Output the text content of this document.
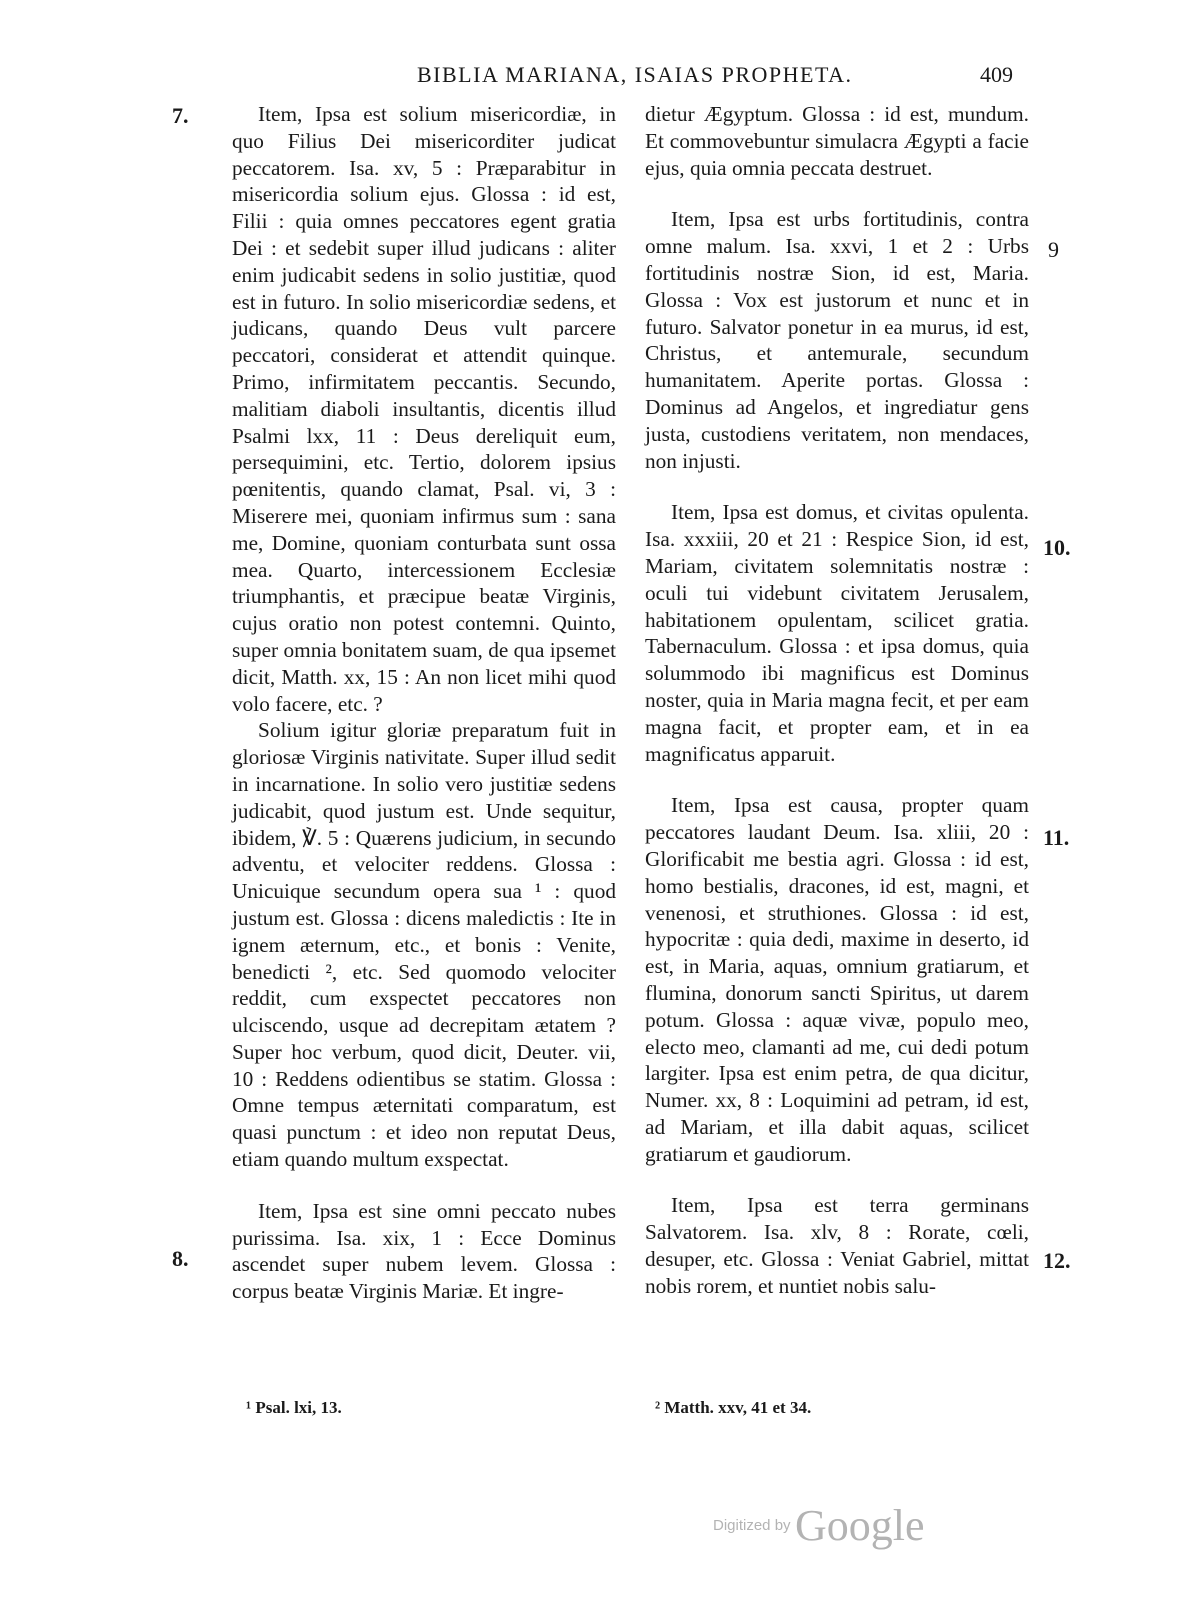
BIBLIA MARIANA, ISAIAS PROPHETA.	409
7.
8.
9
10.
11.
12.

Item, Ipsa est solium misericordiæ, in quo Filius Dei misericorditer judicat peccatorem. Isa. xv, 5 : Præparabitur in misericordia solium ejus. Glossa : id est, Filii : quia omnes peccatores egent gratia Dei : et sedebit super illud judicans : aliter enim judicabit sedens in solio justitiæ, quod est in futuro. In solio misericordiæ sedens, et judicans, quando Deus vult parcere peccatori, considerat et attendit quinque. Primo, infirmitatem peccantis. Secundo, malitiam diaboli insultantis, dicentis illud Psalmi lxx, 11 : Deus dereliquit eum, persequimini, etc. Tertio, dolorem ipsius pœnitentis, quando clamat, Psal. vi, 3 : Miserere mei, quoniam infirmus sum : sana me, Domine, quoniam conturbata sunt ossa mea. Quarto, intercessionem Ecclesiæ triumphantis, et præcipue beatæ Virginis, cujus oratio non potest contemni. Quinto, super omnia bonitatem suam, de qua ipsemet dicit, Matth. xx, 15 : An non licet mihi quod volo facere, etc. ?

Solium igitur gloriæ preparatum fuit in gloriosæ Virginis nativitate. Super illud sedit in incarnatione. In solio vero justitiæ sedens judicabit, quod justum est. Unde sequitur, ibidem, ℣. 5 : Quærens judicium, in secundo adventu, et velociter reddens. Glossa : Unicuique secundum opera sua ¹ : quod justum est. Glossa : dicens maledictis : Ite in ignem æternum, etc., et bonis : Venite, benedicti ², etc. Sed quomodo velociter reddit, cum exspectet peccatores non ulciscendo, usque ad decrepitam ætatem ? Super hoc verbum, quod dicit, Deuter. vii, 10 : Reddens odientibus se statim. Glossa : Omne tempus æternitati comparatum, est quasi punctum : et ideo non reputat Deus, etiam quando multum exspectat.

Item, Ipsa est sine omni peccato nubes purissima. Isa. xix, 1 : Ecce Dominus ascendet super nubem levem. Glossa : corpus beatæ Virginis Mariæ. Et ingre-

dietur Ægyptum. Glossa : id est, mundum. Et commovebuntur simulacra Ægypti a facie ejus, quia omnia peccata destruet.

Item, Ipsa est urbs fortitudinis, contra omne malum. Isa. xxvi, 1 et 2 : Urbs fortitudinis nostræ Sion, id est, Maria. Glossa : Vox est justorum et nunc et in futuro. Salvator ponetur in ea murus, id est, Christus, et antemurale, secundum humanitatem. Aperite portas. Glossa : Dominus ad Angelos, et ingrediatur gens justa, custodiens veritatem, non mendaces, non injusti.

Item, Ipsa est domus, et civitas opulenta. Isa. xxxiii, 20 et 21 : Respice Sion, id est, Mariam, civitatem solemnitatis nostræ : oculi tui videbunt civitatem Jerusalem, habitationem opulentam, scilicet gratia. Tabernaculum. Glossa : et ipsa domus, quia solummodo ibi magnificus est Dominus noster, quia in Maria magna fecit, et per eam magna facit, et propter eam, et in ea magnificatus apparuit.

Item, Ipsa est causa, propter quam peccatores laudant Deum. Isa. xliii, 20 : Glorificabit me bestia agri. Glossa : id est, homo bestialis, dracones, id est, magni, et venenosi, et struthiones. Glossa : id est, hypocritæ : quia dedi, maxime in deserto, id est, in Maria, aquas, omnium gratiarum, et flumina, donorum sancti Spiritus, ut darem potum. Glossa : aquæ vivæ, populo meo, electo meo, clamanti ad me, cui dedi potum largiter. Ipsa est enim petra, de qua dicitur, Numer. xx, 8 : Loquimini ad petram, id est, ad Mariam, et illa dabit aquas, scilicet gratiarum et gaudiorum.

Item, Ipsa est terra germinans Salvatorem. Isa. xlv, 8 : Rorate, cœli, desuper, etc. Glossa : Veniat Gabriel, mittat nobis rorem, et nuntiet nobis salu-

¹ Psal. lxi, 13.	² Matth. xxv, 41 et 34.
Digitized by Google
